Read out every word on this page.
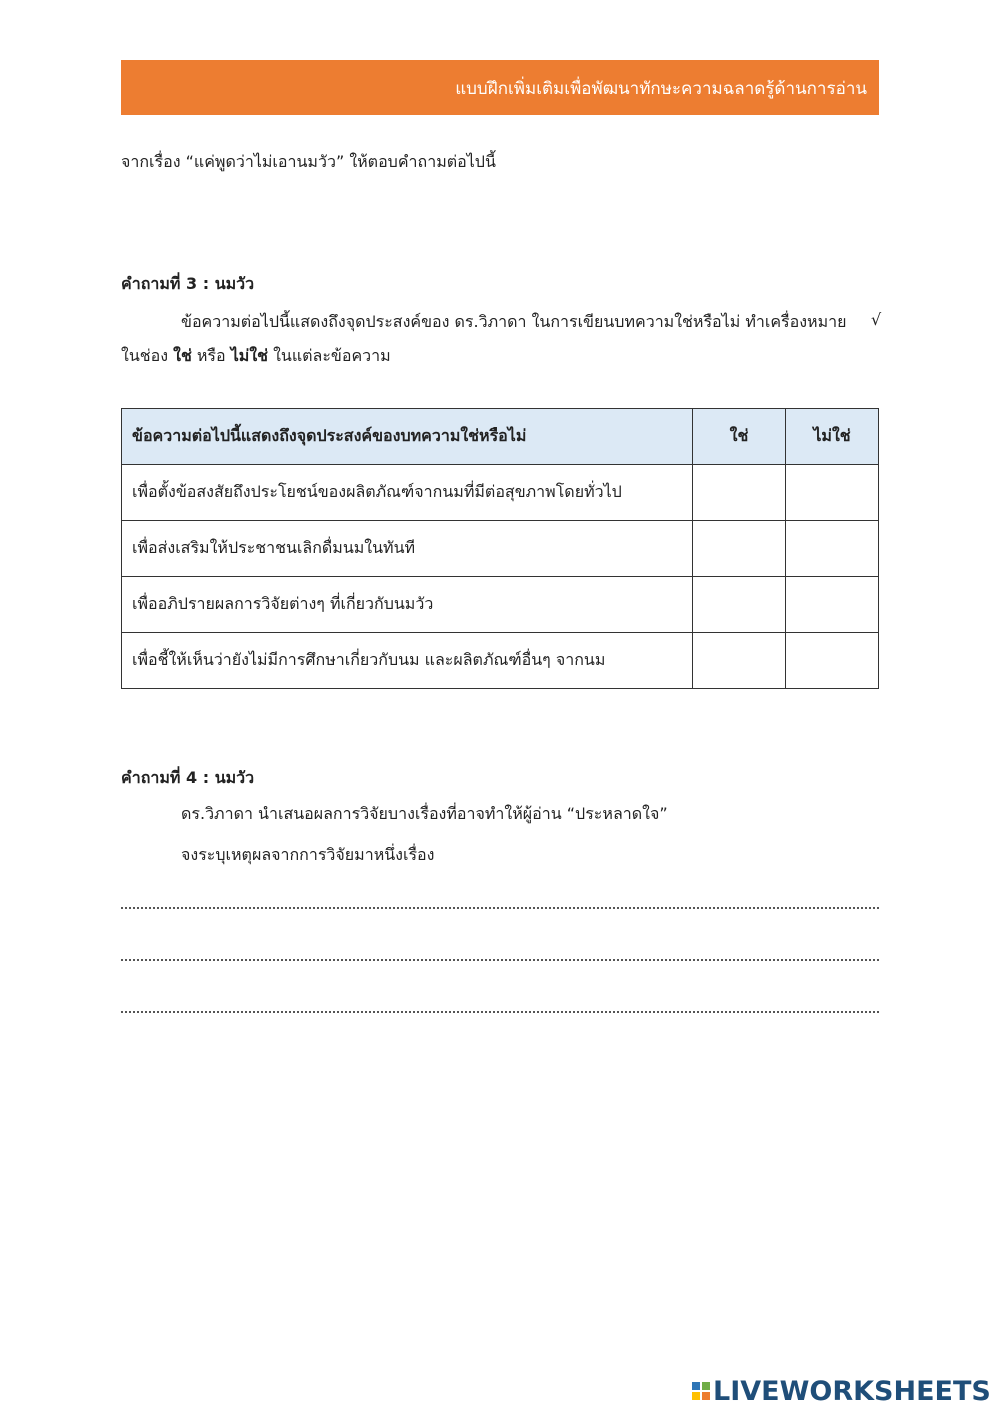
แบบฝึกเพิ่มเติมเพื่อพัฒนาทักษะความฉลาดรู้ด้านการอ่าน
จากเรื่อง “แค่พูดว่าไม่เอานมวัว” ให้ตอบคำถามต่อไปนี้
คำถามที่ 3 : นมวัว
ข้อความต่อไปนี้แสดงถึงจุดประสงค์ของ ดร.วิภาดา ในการเขียนบทความใช่หรือไม่ ทำเครื่องหมาย √
ในช่อง ใช่ หรือ ไม่ใช่ ในแต่ละข้อความ
ข้อความต่อไปนี้แสดงถึงจุดประสงค์ของบทความใช่หรือไม่	ใช่	ไม่ใช่
เพื่อตั้งข้อสงสัยถึงประโยชน์ของผลิตภัณฑ์จากนมที่มีต่อสุขภาพโดยทั่วไป		
เพื่อส่งเสริมให้ประชาชนเลิกดื่มนมในทันที		
เพื่ออภิปรายผลการวิจัยต่างๆ ที่เกี่ยวกับนมวัว		
เพื่อชี้ให้เห็นว่ายังไม่มีการศึกษาเกี่ยวกับนม และผลิตภัณฑ์อื่นๆ จากนม		
คำถามที่ 4 : นมวัว
ดร.วิภาดา นำเสนอผลการวิจัยบางเรื่องที่อาจทำให้ผู้อ่าน “ประหลาดใจ”
จงระบุเหตุผลจากการวิจัยมาหนึ่งเรื่อง
LIVEWORKSHEETS
